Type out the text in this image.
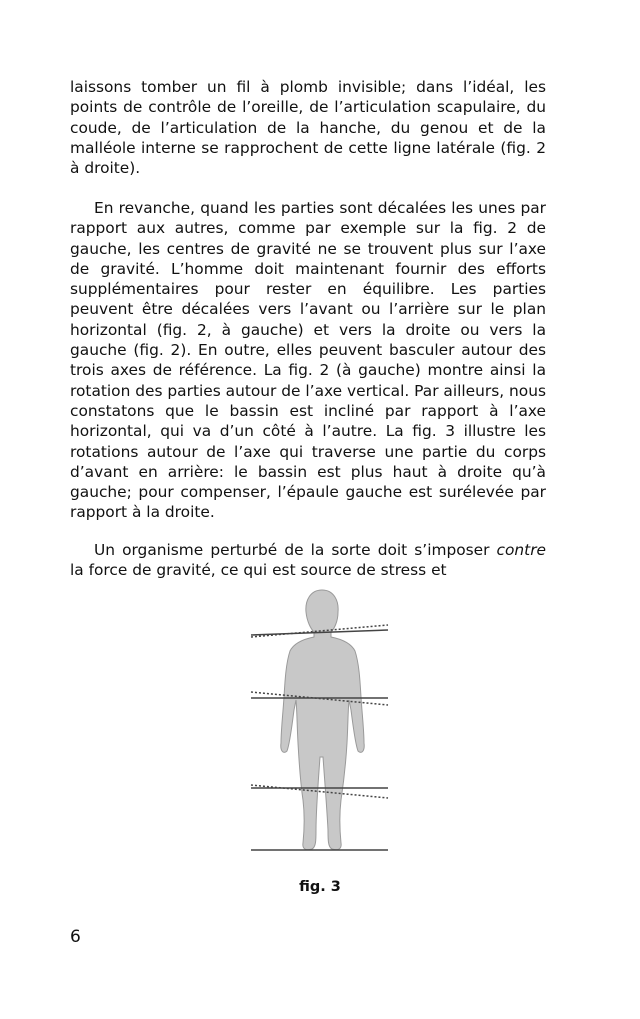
laissons tomber un fil à plomb invisible; dans l’idéal, les points de contrôle de l’oreille, de l’articulation scapulaire, du coude, de l’articulation de la hanche, du genou et de la malléole interne se rapprochent de cette ligne latérale (fig. 2 à droite).

En revanche, quand les parties sont décalées les unes par rapport aux autres, comme par exemple sur la fig. 2 de gauche, les centres de gravité ne se trouvent plus sur l’axe de gravité. L’homme doit maintenant fournir des efforts supplémentaires pour rester en équilibre. Les parties peuvent être décalées vers l’avant ou l’arrière sur le plan horizontal (fig. 2, à gauche) et vers la droite ou vers la gauche (fig. 2). En outre, elles peuvent basculer autour des trois axes de référence. La fig. 2 (à gauche) montre ainsi la rotation des parties autour de l’axe vertical. Par ailleurs, nous constatons que le bassin est incliné par rapport à l’axe horizontal, qui va d’un côté à l’autre. La fig. 3 illustre les rotations autour de l’axe qui traverse une partie du corps d’avant en arrière: le bassin est plus haut à droite qu’à gauche; pour compenser, l’épaule gauche est surélevée par rapport à la droite.

Un organisme perturbé de la sorte doit s’imposer contre la force de gravité, ce qui est source de stress et

fig. 3
6
